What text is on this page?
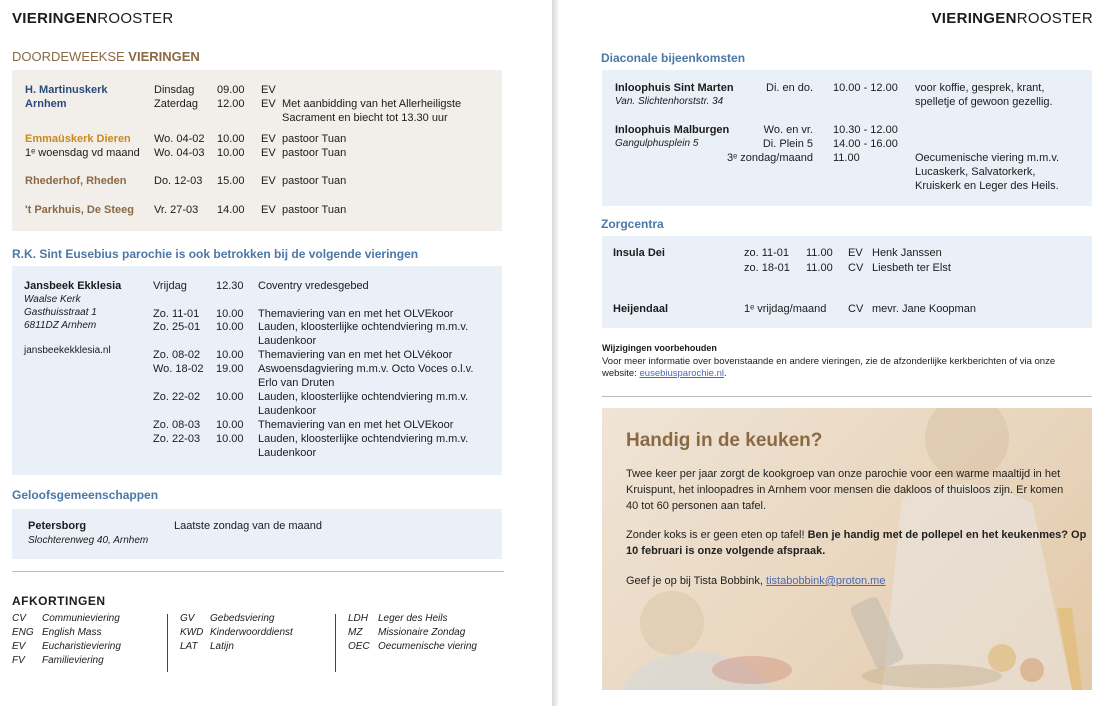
VIERINGENROOSTER
DOORDEWEEKSE VIERINGEN
H. Martinuskerk
Arnhem
Dinsdag 09.00 EV
Zaterdag 12.00 EV Met aanbidding van het Allerheiligste
Sacrament en biecht tot 13.30 uur
Emmaüskerk Dieren
1ᵉ woensdag vd maand
Wo. 04-02 10.00 EV pastoor Tuan
Wo. 04-03 10.00 EV pastoor Tuan
Rhederhof, Rheden	Do. 12-03 15.00 EV pastoor Tuan
't Parkhuis, De Steeg Vr. 27-03 14.00 EV pastoor Tuan
R.K. Sint Eusebius parochie is ook betrokken bij de volgende vieringen
Jansbeek Ekklesia
Waalse Kerk
Gasthuisstraat 1
6811DZ Arnhem
jansbeekekklesia.nl
Vrijdag	12.30 Coventry vredesgebed
Zo. 11-01 10.00 Themaviering van en met het OLVEkoor
Zo. 25-01 10.00 Lauden, kloosterlijke ochtendviering m.m.v.
Laudenkoor
Zo. 08-02 10.00 Themaviering van en met het OLVékoor
Wo. 18-02 19.00 Aswoensdagviering m.m.v. Octo Voces o.l.v.
Erlo van Druten
Zo. 22-02 10.00 Lauden, kloosterlijke ochtendviering m.m.v.
Laudenkoor
Zo. 08-03 10.00 Themaviering van en met het OLVEkoor
Zo. 22-03 10.00 Lauden, kloosterlijke ochtendviering m.m.v.
Laudenkoor
Geloofsgemeenschappen
Petersborg
Slochterenweg 40, Arnhem
Laatste zondag van de maand
AFKORTINGEN
CV Communieviering
ENG English Mass
EV Eucharistieviering
FV Familieviering
GV Gebedsviering
KWD Kinderwoorddienst
LAT Latijn
LDH Leger des Heils
MZ Missionaire Zondag
OEC Oecumenische viering
VIERINGENROOSTER
Diaconale bijeenkomsten
Inloophuis Sint Marten
Van. Slichtenhorststr. 34
Di. en do. 10.00 - 12.00 voor koffie, gesprek, krant,
spelletje of gewoon gezellig.
Inloophuis Malburgen
Gangulphusplein 5
Wo. en vr. 10.30 - 12.00
Di. Plein 5 14.00 - 16.00
3ᵉ zondag/maand 11.00	Oecumenische viering m.m.v.
Lucaskerk, Salvatorkerk,
Kruiskerk en Leger des Heils.
Zorgcentra
Insula Dei	zo. 11-01 11.00 EV Henk Janssen
zo. 18-01 11.00 CV Liesbeth ter Elst
Heijendaal	1ᵉ vrijdag/maand CV mevr. Jane Koopman
Wijzigingen voorbehouden
Voor meer informatie over bovenstaande en andere vieringen, zie de afzonderlijke kerkberichten of via onze
website: eusebiusparochie.nl.
Handig in de keuken?
Twee keer per jaar zorgt de kookgroep van onze parochie voor een warme maaltijd in het
Kruispunt, het inloopadres in Arnhem voor mensen die dakloos of thuisloos zijn. Er komen
40 tot 60 personen aan tafel.
Zonder koks is er geen eten op tafel! Ben je handig met de pollepel en het keukenmes? Op
10 februari is onze volgende afspraak.
Geef je op bij Tista Bobbink, tistabobbink@proton.me
